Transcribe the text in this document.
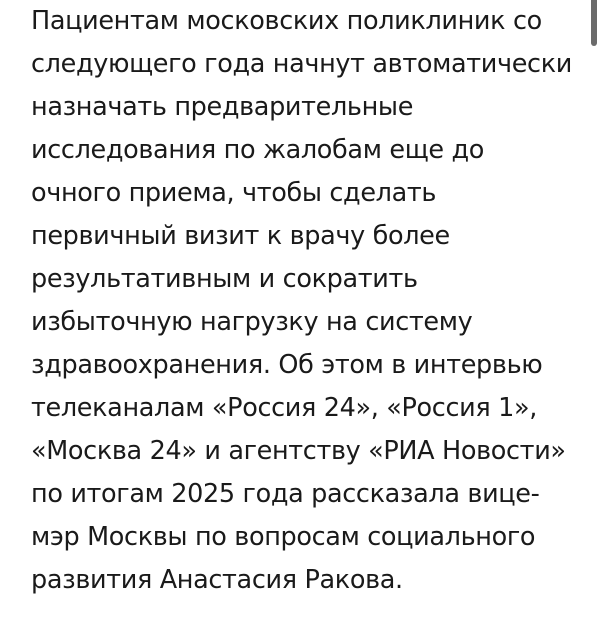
Пациентам московских поликлиник со
следующего года начнут автоматически
назначать предварительные
исследования по жалобам еще до
очного приема, чтобы сделать
первичный визит к врачу более
результативным и сократить
избыточную нагрузку на систему
здравоохранения. Об этом в интервью
телеканалам «Россия 24», «Россия 1»,
«Москва 24» и агентству «РИА Новости»
по итогам 2025 года рассказала вице-
мэр Москвы по вопросам социального
развития Анастасия Ракова.
